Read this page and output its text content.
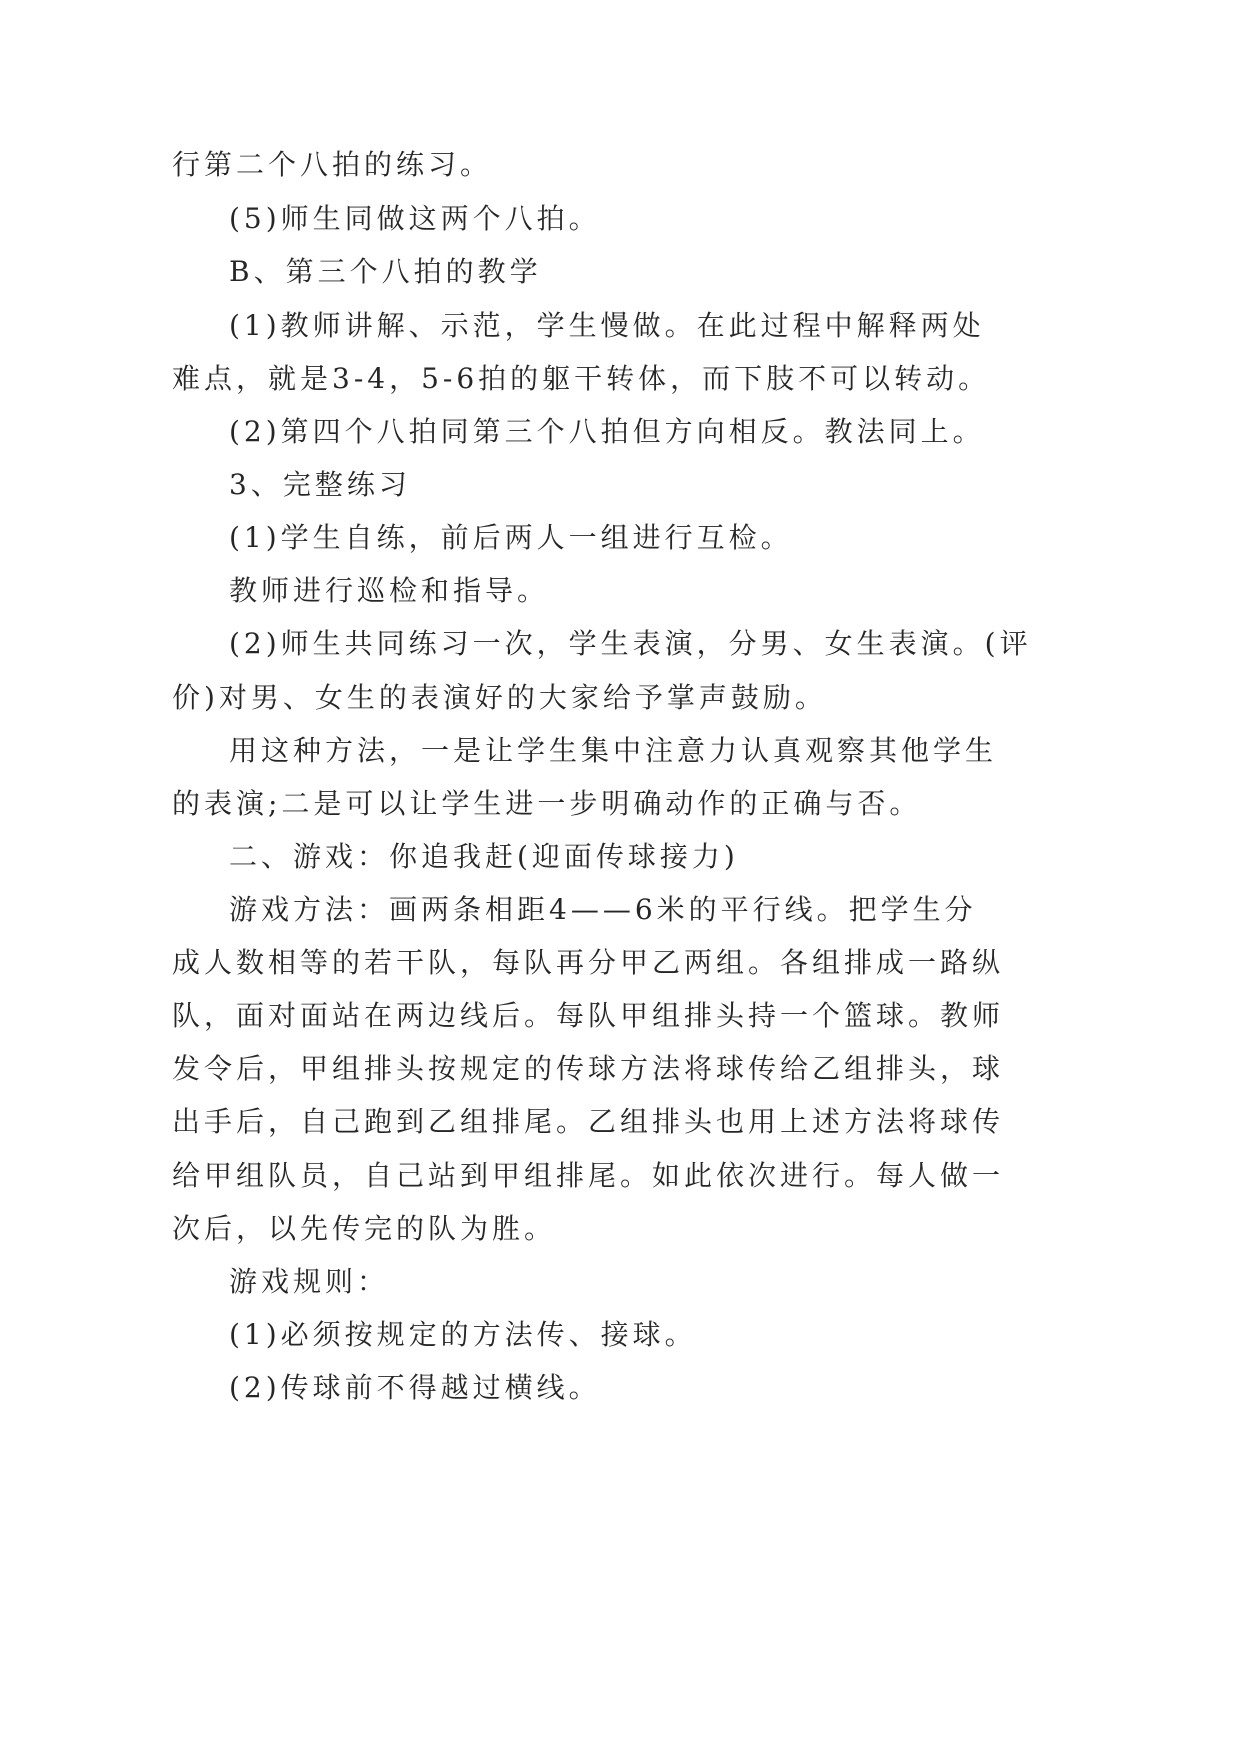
行第二个八拍的练习。

(5)师生同做这两个八拍。

B、第三个八拍的教学

(1)教师讲解、示范，学生慢做。在此过程中解释两处

难点，就是3-4，5-6拍的躯干转体，而下肢不可以转动。

(2)第四个八拍同第三个八拍但方向相反。教法同上。

3、完整练习

(1)学生自练，前后两人一组进行互检。

教师进行巡检和指导。

(2)师生共同练习一次，学生表演，分男、女生表演。(评

价)对男、女生的表演好的大家给予掌声鼓励。

用这种方法，一是让学生集中注意力认真观察其他学生

的表演;二是可以让学生进一步明确动作的正确与否。

二、游戏：你追我赶(迎面传球接力)

游戏方法：画两条相距4——6米的平行线。把学生分

成人数相等的若干队，每队再分甲乙两组。各组排成一路纵

队，面对面站在两边线后。每队甲组排头持一个篮球。教师

发令后，甲组排头按规定的传球方法将球传给乙组排头，球

出手后，自己跑到乙组排尾。乙组排头也用上述方法将球传

给甲组队员，自己站到甲组排尾。如此依次进行。每人做一

次后，以先传完的队为胜。

游戏规则：

(1)必须按规定的方法传、接球。

(2)传球前不得越过横线。
